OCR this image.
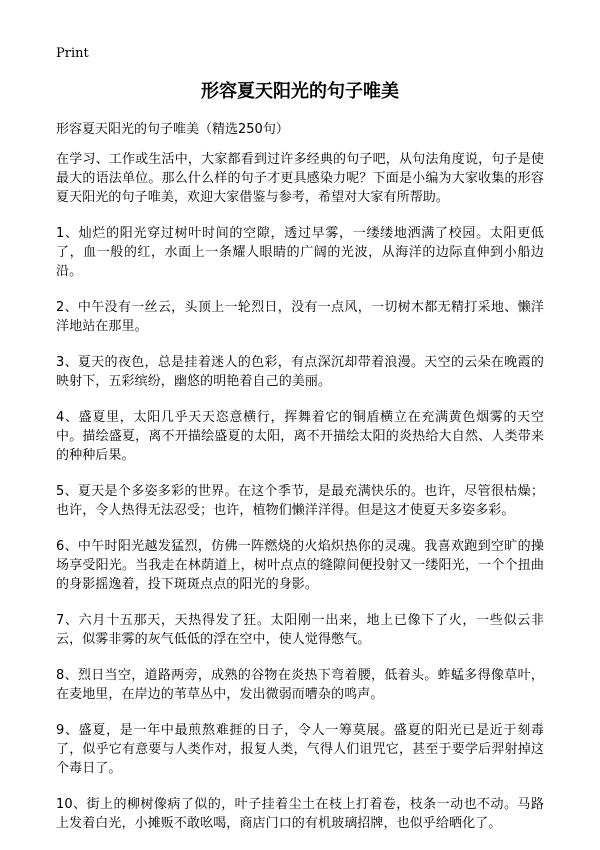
Print
形容夏天阳光的句子唯美
形容夏天阳光的句子唯美（精选250句）

在学习、工作或生活中，大家都看到过许多经典的句子吧，从句法角度说，句子是使最大的语法单位。那么什么样的句子才更具感染力呢？下面是小编为大家收集的形容夏天阳光的句子唯美，欢迎大家借鉴与参考，希望对大家有所帮助。

1、灿烂的阳光穿过树叶时间的空隙，透过早雾，一缕缕地洒满了校园。太阳更低了，血一般的红，水面上一条耀人眼睛的广阔的光波，从海洋的边际直伸到小船边沿。

2、中午没有一丝云，头顶上一轮烈日，没有一点风，一切树木都无精打采地、懒洋洋地站在那里。

3、夏天的夜色，总是挂着迷人的色彩，有点深沉却带着浪漫。天空的云朵在晚霞的映射下，五彩缤纷，幽悠的明艳着自己的美丽。

4、盛夏里，太阳几乎天天恣意横行，挥舞着它的铜盾横立在充满黄色烟雾的天空中。描绘盛夏，离不开描绘盛夏的太阳，离不开描绘太阳的炎热给大自然、人类带来的种种后果。

5、夏天是个多姿多彩的世界。在这个季节，是最充满快乐的。也许，尽管很枯燥；也许，令人热得无法忍受；也许，植物们懒洋洋得。但是这才使夏天多姿多彩。

6、中午时阳光越发猛烈，仿佛一阵燃烧的火焰炽热你的灵魂。我喜欢跑到空旷的操场享受阳光。当我走在林荫道上，树叶点点的缝隙间便投射又一缕阳光，一个个扭曲的身影摇逸着，投下斑斑点点的阳光的身影。

7、六月十五那天，天热得发了狂。太阳刚一出来，地上已像下了火，一些似云非云，似雾非雾的灰气低低的浮在空中，使人觉得憋气。

8、烈日当空，道路两旁，成熟的谷物在炎热下弯着腰，低着头。蚱蜢多得像草叶，在麦地里，在岸边的苇草丛中，发出微弱而嘈杂的鸣声。

9、盛夏，是一年中最煎熬难捱的日子，令人一筹莫展。盛夏的阳光已是近于刻毒了，似乎它有意要与人类作对，报复人类，气得人们诅咒它，甚至于要学后羿射掉这个毒日了。

10、街上的柳树像病了似的，叶子挂着尘土在枝上打着卷，枝条一动也不动。马路上发着白光，小摊贩不敢吆喝，商店门口的有机玻璃招牌，也似乎给晒化了。
